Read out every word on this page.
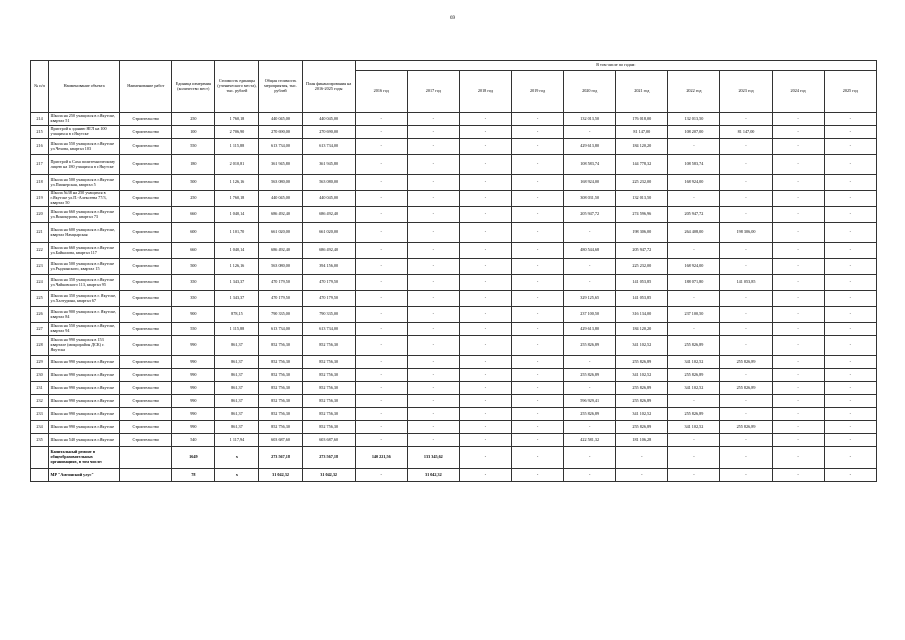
69
№ п/п	Наименование объекта	Наименование работ	Единица измерения (количество мест)	Стоимость единицы (ученического места), тыс. рублей	Общая стоимость мероприятия, тыс. рублей	План финансирования на 2016-2025 годы	В том числе по годам:									
							2016 год	2017 год	2018 год	2019 год	2020 год	2021 год	2022 год	2023 год	2024 год	2025 год
214	Школа на 250 учащихся в г.Якутске, квартал 51	Строительство	250	1 760,18	440 045,00	440 045,00	-	-	-	-	132 013,50	176 018,00	132 013,50	-	-	-
215	Пристрой к зданию ЯГЛ на 100 учащихся в г.Якутске	Строительство	100	2 706,90	270 690,00	270 690,00	-	-	-	-	-	81 147,00	108 207,00	81 147,00	-	-
216	Школа на 550 учащихся в г.Якутске ул.Чехова, квартал 103	Строительство	550	1 115,88	613 734,00	613 734,00	-	-	-	-	429 613,80	184 120,20	-	-	-	-
217	Пристрой к Саха политехническому лицею на 180 учащихся в г.Якутске	Строительство	180	2 010,81	361 945,80	361 945,80	-	-	-	-	108 583,74	144 778,32	108 583,74	-	-	-
218	Школа на 500 учащихся в г.Якутске ул.Пионерская, квартал 5	Строительство	500	1 126,16	563 080,00	563 080,00	-	-	-	-	168 924,00	225 232,00	168 924,00	-	-	-
219	Школа №38 на 250 учащихся в г.Якутске ул.П.-Алексеева 77/3, квартал 50	Строительство	250	1 760,18	440 045,00	440 045,00	-	-	-	-	308 031,50	132 013,50	-	-	-	-
220	Школа на 660 учащихся в г.Якутске ул.Винокурова, квартал 73	Строительство	660	1 040,14	686 492,40	686 492,40	-	-	-	-	205 947,72	274 596,96	205 947,72	-	-	-
221	Школа на 600 учащихся в г.Якутске, квартал Намцырская	Строительство	600	1 101,70	661 020,00	661 020,00	-	-	-	-	-	198 306,00	264 408,00	198 306,00	-	-
222	Школа на 660 учащихся в г.Якутске ул.Байкалова, квартал 117	Строительство	660	1 040,14	686 492,40	686 492,40	-	-	-	-	480 544,68	205 947,72	-	-	-	-
223	Школа на 500 учащихся в г.Якутске ул.Рыдзинского, квартал 15	Строительство	500	1 126,16	563 080,00	394 156,00	-	-	-	-	-	225 232,00	168 924,00	-	-	-
224	Школа на 350 учащихся в г.Якутске ул.Чайковского 113, квартал 95	Строительство	350	1 343,37	470 179,50	470 179,50	-	-	-	-	-	141 053,85	188 071,80	141 053,85	-	-
225	Школа на 350 учащихся в г. Якутске, ул.Халтурина, квартал 67	Строительство	350	1 343,37	470 179,50	470 179,50	-	-	-	-	329 125,65	141 053,85	-	-	-	-
226	Школа на 900 учащихся в г. Якутске, квартал 84	Строительство	900	878,15	790 335,00	790 335,00	-	-	-	-	237 100,50	316 134,00	237 100,50	-	-	-
227	Школа на 550 учащихся в г.Якутске, квартал 94	Строительство	550	1 115,88	613 734,00	613 734,00	-	-	-	-	429 613,80	184 120,20	-	-	-	-
228	Школа на 990 учащихся в 153 квартале (микрорайон ДСК) г. Якутска	Строительство	990	861,37	852 756,30	852 756,30	-	-	-	-	255 826,89	341 102,52	255 826,89	-	-	-
229	Школа на 990 учащихся в г.Якутске	Строительство	990	861,37	852 756,30	852 756,30	-	-	-	-	-	255 826,89	341 102,52	255 826,89	-	-
230	Школа на 990 учащихся в г.Якутске	Строительство	990	861,37	852 756,30	852 756,30	-	-	-	-	255 826,89	341 102,52	255 826,89	-	-	-
231	Школа на 990 учащихся в г.Якутске	Строительство	990	861,37	852 756,30	852 756,30	-	-	-	-	-	255 826,89	341 102,52	255 826,89	-	-
232	Школа на 990 учащихся в г.Якутске	Строительство	990	861,37	852 756,30	852 756,30	-	-	-	-	596 929,41	255 826,89	-	-	-	-
233	Школа на 990 учащихся в г.Якутске	Строительство	990	861,37	852 756,30	852 756,30	-	-	-	-	255 826,89	341 102,52	255 826,89	-	-	-
234	Школа на 990 учащихся в г.Якутске	Строительство	990	861,37	852 756,30	852 756,30	-	-	-	-	-	255 826,89	341 102,52	255 826,89	-	-
235	Школа на 540 учащихся в г.Якутске	Строительство	540	1 117,94	603 687,60	603 687,60	-	-	-	-	422 581,32	181 106,28	-	-	-	-
	Капитальный ремонт в общеобразовательных организациях, в том числе:		1649	х	273 567,18	273 567,18	140 221,56	133 345,62	-	-	-	-	-	-	-	-
	МР "Амгинский улус"		78	х	31 042,32	31 042,32	-	31 042,32	-	-	-	-	-	-	-	-
